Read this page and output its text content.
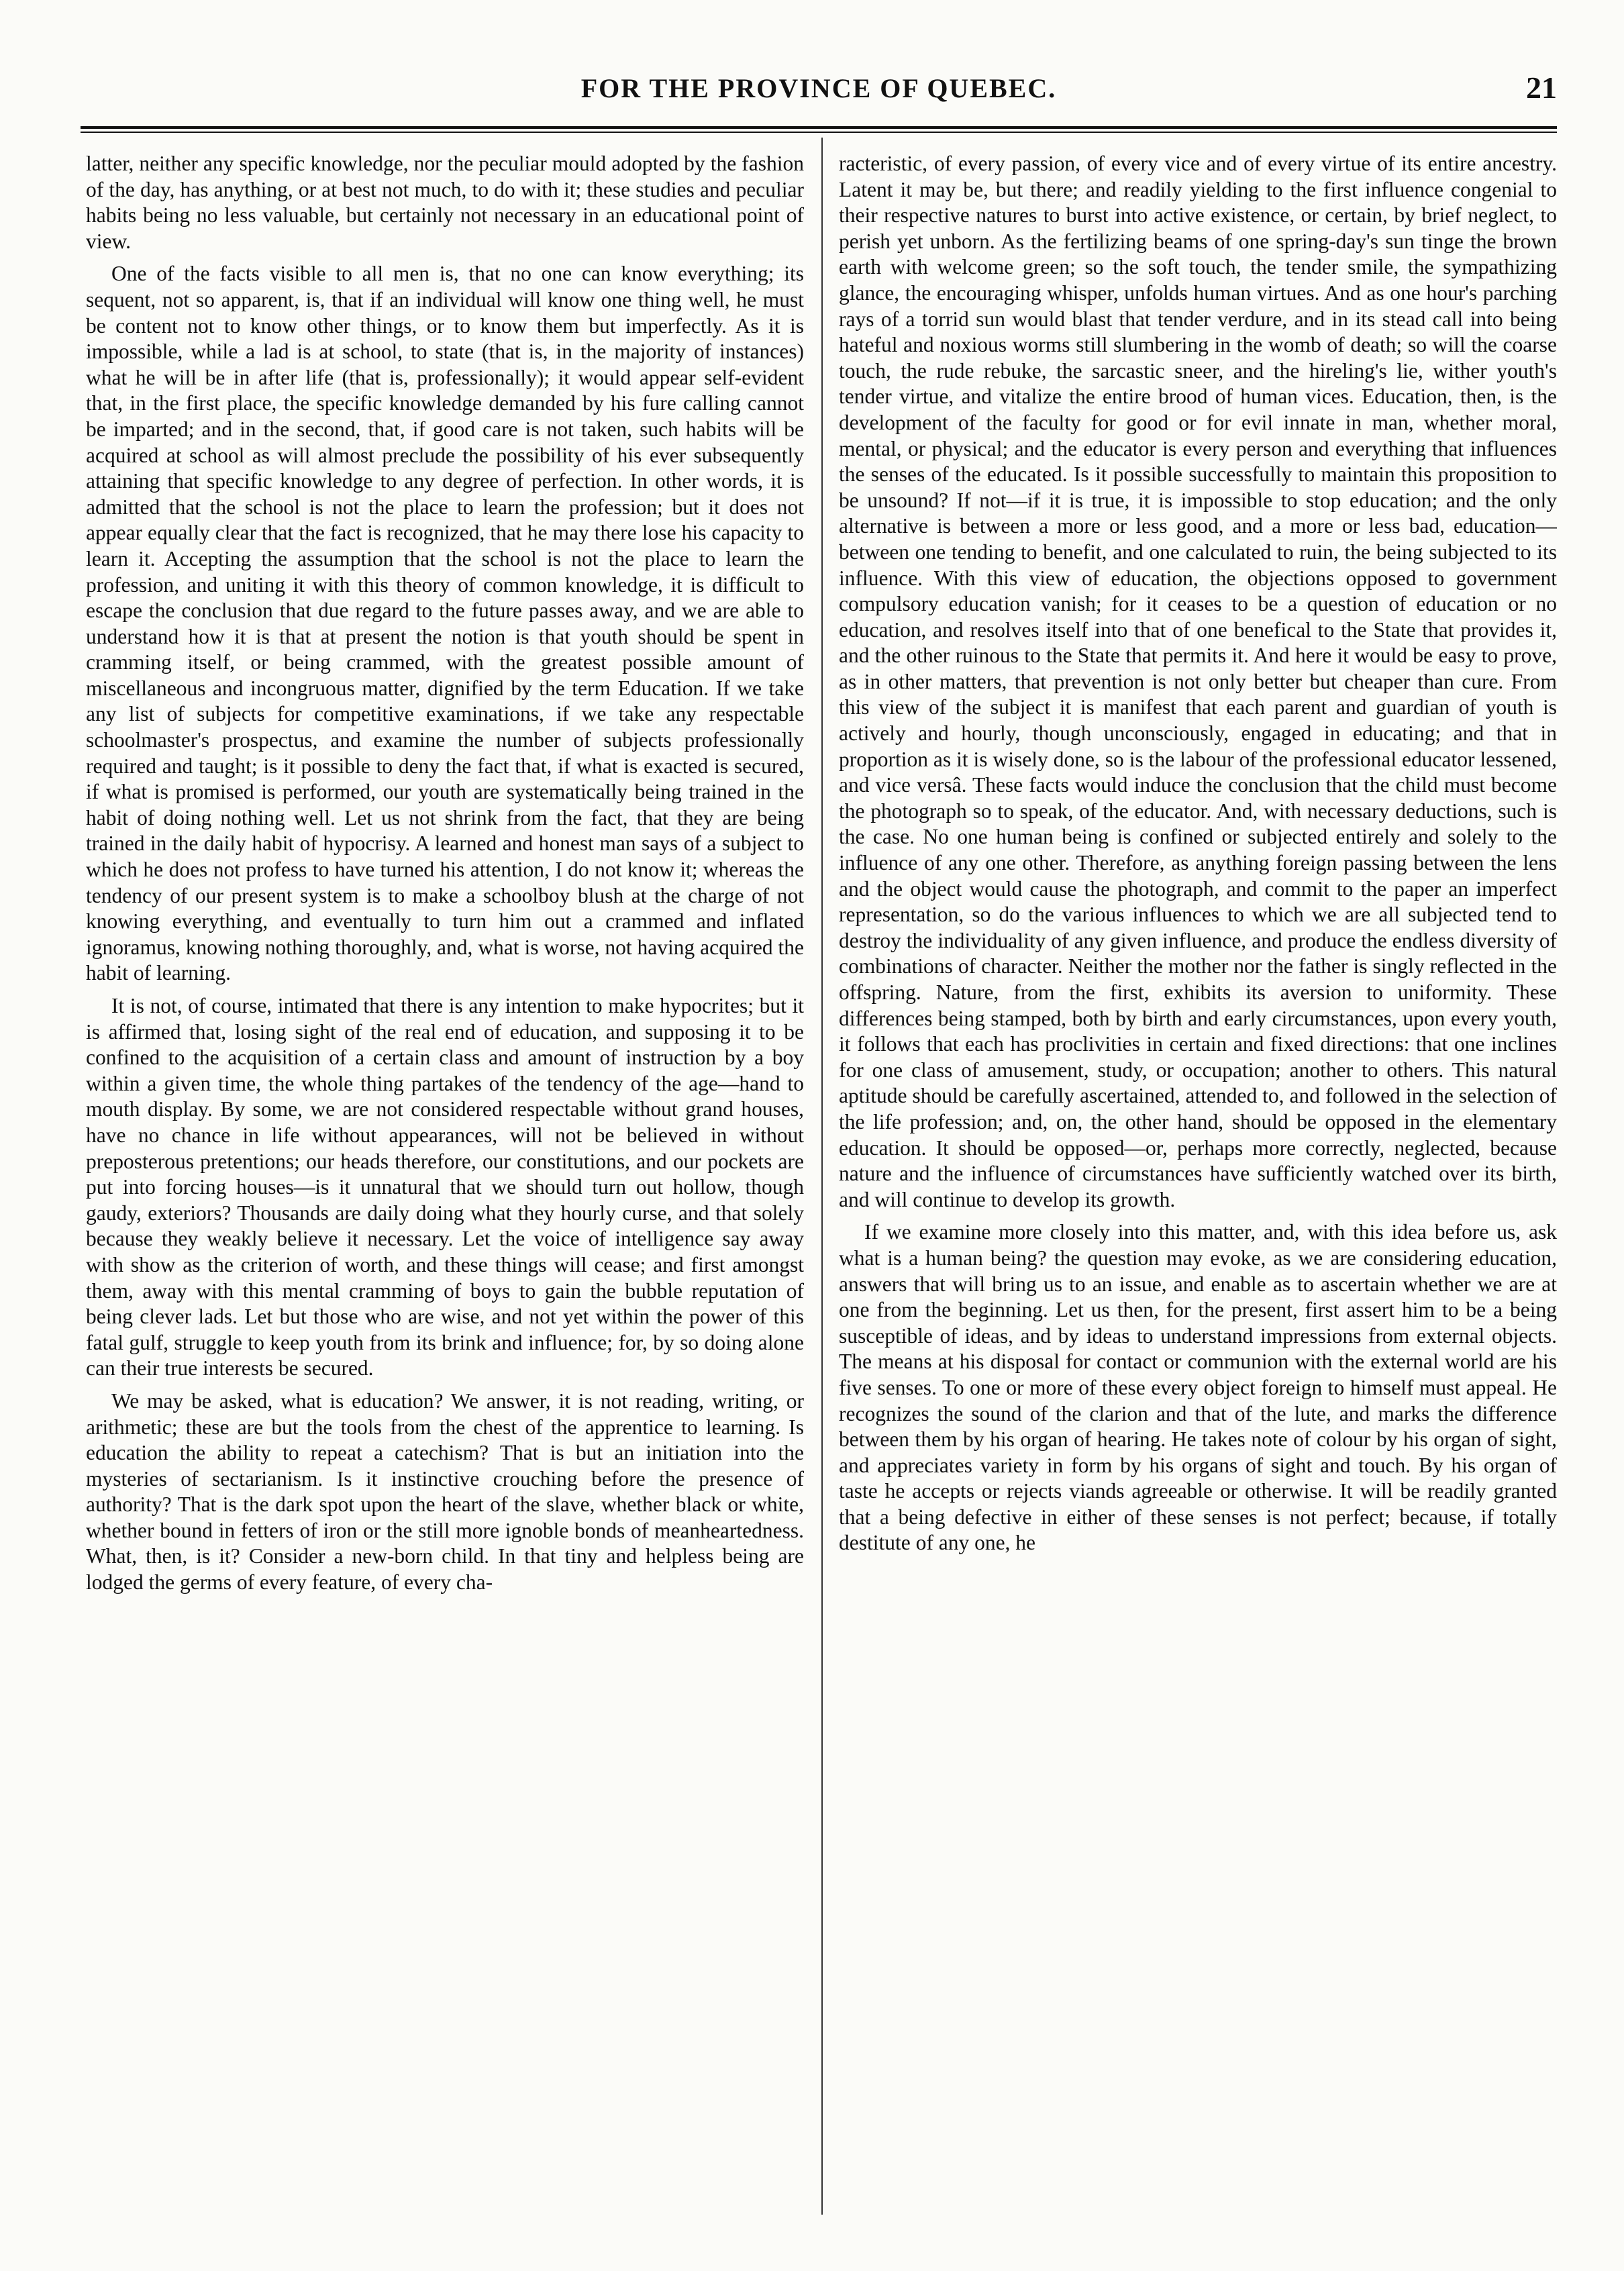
FOR THE PROVINCE OF QUEBEC.	21

latter, neither any specific knowledge, nor the peculiar mould adopted by the fashion of the day, has anything, or at best not much, to do with it; these studies and peculiar habits being no less valuable, but certainly not necessary in an educational point of view.

One of the facts visible to all men is, that no one can know everything; its sequent, not so apparent, is, that if an individual will know one thing well, he must be content not to know other things, or to know them but imperfectly. As it is impossible, while a lad is at school, to state (that is, in the majority of instances) what he will be in after life (that is, professionally); it would appear self-evident that, in the first place, the specific knowledge demanded by his fure calling cannot be imparted; and in the second, that, if good care is not taken, such habits will be acquired at school as will almost preclude the possibility of his ever subsequently attaining that specific knowledge to any degree of perfection. In other words, it is admitted that the school is not the place to learn the profession; but it does not appear equally clear that the fact is recognized, that he may there lose his capacity to learn it. Accepting the assumption that the school is not the place to learn the profession, and uniting it with this theory of common knowledge, it is difficult to escape the conclusion that due regard to the future passes away, and we are able to understand how it is that at present the notion is that youth should be spent in cramming itself, or being crammed, with the greatest possible amount of miscellaneous and incongruous matter, dignified by the term Education. If we take any list of subjects for competitive examinations, if we take any respectable schoolmaster's prospectus, and examine the number of subjects professionally required and taught; is it possible to deny the fact that, if what is exacted is secured, if what is promised is performed, our youth are systematically being trained in the habit of doing nothing well. Let us not shrink from the fact, that they are being trained in the daily habit of hypocrisy. A learned and honest man says of a subject to which he does not profess to have turned his attention, I do not know it; whereas the tendency of our present system is to make a schoolboy blush at the charge of not knowing everything, and eventually to turn him out a crammed and inflated ignoramus, knowing nothing thoroughly, and, what is worse, not having acquired the habit of learning.

It is not, of course, intimated that there is any intention to make hypocrites; but it is affirmed that, losing sight of the real end of education, and supposing it to be confined to the acquisition of a certain class and amount of instruction by a boy within a given time, the whole thing partakes of the tendency of the age—hand to mouth display. By some, we are not considered respectable without grand houses, have no chance in life without appearances, will not be believed in without preposterous pretentions; our heads therefore, our constitutions, and our pockets are put into forcing houses—is it unnatural that we should turn out hollow, though gaudy, exteriors? Thousands are daily doing what they hourly curse, and that solely because they weakly believe it necessary. Let the voice of intelligence say away with show as the criterion of worth, and these things will cease; and first amongst them, away with this mental cramming of boys to gain the bubble reputation of being clever lads. Let but those who are wise, and not yet within the power of this fatal gulf, struggle to keep youth from its brink and influence; for, by so doing alone can their true interests be secured.

We may be asked, what is education? We answer, it is not reading, writing, or arithmetic; these are but the tools from the chest of the apprentice to learning. Is education the ability to repeat a catechism? That is but an initiation into the mysteries of sectarianism. Is it instinctive crouching before the presence of authority? That is the dark spot upon the heart of the slave, whether black or white, whether bound in fetters of iron or the still more ignoble bonds of meanheartedness. What, then, is it? Consider a new-born child. In that tiny and helpless being are lodged the germs of every feature, of every cha-

racteristic, of every passion, of every vice and of every virtue of its entire ancestry. Latent it may be, but there; and readily yielding to the first influence congenial to their respective natures to burst into active existence, or certain, by brief neglect, to perish yet unborn. As the fertilizing beams of one spring-day's sun tinge the brown earth with welcome green; so the soft touch, the tender smile, the sympathizing glance, the encouraging whisper, unfolds human virtues. And as one hour's parching rays of a torrid sun would blast that tender verdure, and in its stead call into being hateful and noxious worms still slumbering in the womb of death; so will the coarse touch, the rude rebuke, the sarcastic sneer, and the hireling's lie, wither youth's tender virtue, and vitalize the entire brood of human vices. Education, then, is the development of the faculty for good or for evil innate in man, whether moral, mental, or physical; and the educator is every person and everything that influences the senses of the educated. Is it possible successfully to maintain this proposition to be unsound? If not—if it is true, it is impossible to stop education; and the only alternative is between a more or less good, and a more or less bad, education—between one tending to benefit, and one calculated to ruin, the being subjected to its influence. With this view of education, the objections opposed to government compulsory education vanish; for it ceases to be a question of education or no education, and resolves itself into that of one benefical to the State that provides it, and the other ruinous to the State that permits it. And here it would be easy to prove, as in other matters, that prevention is not only better but cheaper than cure. From this view of the subject it is manifest that each parent and guardian of youth is actively and hourly, though unconsciously, engaged in educating; and that in proportion as it is wisely done, so is the labour of the professional educator lessened, and vice versâ. These facts would induce the conclusion that the child must become the photograph so to speak, of the educator. And, with necessary deductions, such is the case. No one human being is confined or subjected entirely and solely to the influence of any one other. Therefore, as anything foreign passing between the lens and the object would cause the photograph, and commit to the paper an imperfect representation, so do the various influences to which we are all subjected tend to destroy the individuality of any given influence, and produce the endless diversity of combinations of character. Neither the mother nor the father is singly reflected in the offspring. Nature, from the first, exhibits its aversion to uniformity. These differences being stamped, both by birth and early circumstances, upon every youth, it follows that each has proclivities in certain and fixed directions: that one inclines for one class of amusement, study, or occupation; another to others. This natural aptitude should be carefully ascertained, attended to, and followed in the selection of the life profession; and, on, the other hand, should be opposed in the elementary education. It should be opposed—or, perhaps more correctly, neglected, because nature and the influence of circumstances have sufficiently watched over its birth, and will continue to develop its growth.

If we examine more closely into this matter, and, with this idea before us, ask what is a human being? the question may evoke, as we are considering education, answers that will bring us to an issue, and enable as to ascertain whether we are at one from the beginning. Let us then, for the present, first assert him to be a being susceptible of ideas, and by ideas to understand impressions from external objects. The means at his disposal for contact or communion with the external world are his five senses. To one or more of these every object foreign to himself must appeal. He recognizes the sound of the clarion and that of the lute, and marks the difference between them by his organ of hearing. He takes note of colour by his organ of sight, and appreciates variety in form by his organs of sight and touch. By his organ of taste he accepts or rejects viands agreeable or otherwise. It will be readily granted that a being defective in either of these senses is not perfect; because, if totally destitute of any one, he
